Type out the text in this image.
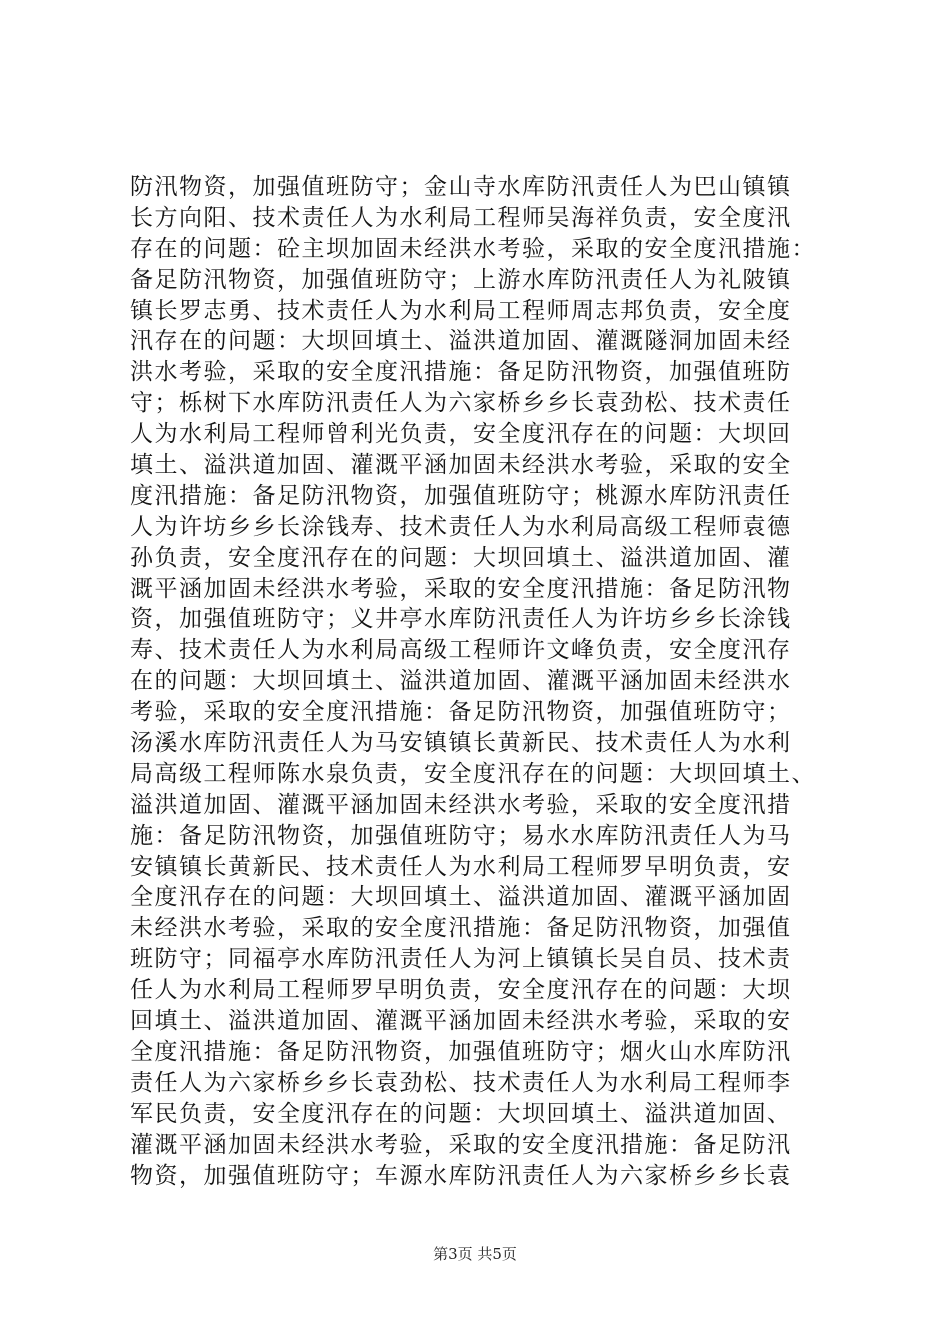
防汛物资，加强值班防守；金山寺水库防汛责任人为巴山镇镇
长方向阳、技术责任人为水利局工程师吴海祥负责，安全度汛
存在的问题：砼主坝加固未经洪水考验，采取的安全度汛措施：
备足防汛物资，加强值班防守；上游水库防汛责任人为礼陂镇
镇长罗志勇、技术责任人为水利局工程师周志邦负责，安全度
汛存在的问题：大坝回填土、溢洪道加固、灌溉隧洞加固未经
洪水考验，采取的安全度汛措施：备足防汛物资，加强值班防
守；栎树下水库防汛责任人为六家桥乡乡长袁劲松、技术责任
人为水利局工程师曾利光负责，安全度汛存在的问题：大坝回
填土、溢洪道加固、灌溉平涵加固未经洪水考验，采取的安全
度汛措施：备足防汛物资，加强值班防守；桃源水库防汛责任
人为许坊乡乡长涂钱寿、技术责任人为水利局高级工程师袁德
孙负责，安全度汛存在的问题：大坝回填土、溢洪道加固、灌
溉平涵加固未经洪水考验，采取的安全度汛措施：备足防汛物
资，加强值班防守；义井亭水库防汛责任人为许坊乡乡长涂钱
寿、技术责任人为水利局高级工程师许文峰负责，安全度汛存
在的问题：大坝回填土、溢洪道加固、灌溉平涵加固未经洪水
考验，采取的安全度汛措施：备足防汛物资，加强值班防守；
汤溪水库防汛责任人为马安镇镇长黄新民、技术责任人为水利
局高级工程师陈水泉负责，安全度汛存在的问题：大坝回填土、
溢洪道加固、灌溉平涵加固未经洪水考验，采取的安全度汛措
施：备足防汛物资，加强值班防守；易水水库防汛责任人为马
安镇镇长黄新民、技术责任人为水利局工程师罗早明负责，安
全度汛存在的问题：大坝回填土、溢洪道加固、灌溉平涵加固
未经洪水考验，采取的安全度汛措施：备足防汛物资，加强值
班防守；同福亭水库防汛责任人为河上镇镇长吴自员、技术责
任人为水利局工程师罗早明负责，安全度汛存在的问题：大坝
回填土、溢洪道加固、灌溉平涵加固未经洪水考验，采取的安
全度汛措施：备足防汛物资，加强值班防守；烟火山水库防汛
责任人为六家桥乡乡长袁劲松、技术责任人为水利局工程师李
军民负责，安全度汛存在的问题：大坝回填土、溢洪道加固、
灌溉平涵加固未经洪水考验，采取的安全度汛措施：备足防汛
物资，加强值班防守；车源水库防汛责任人为六家桥乡乡长袁
第3页 共5页
